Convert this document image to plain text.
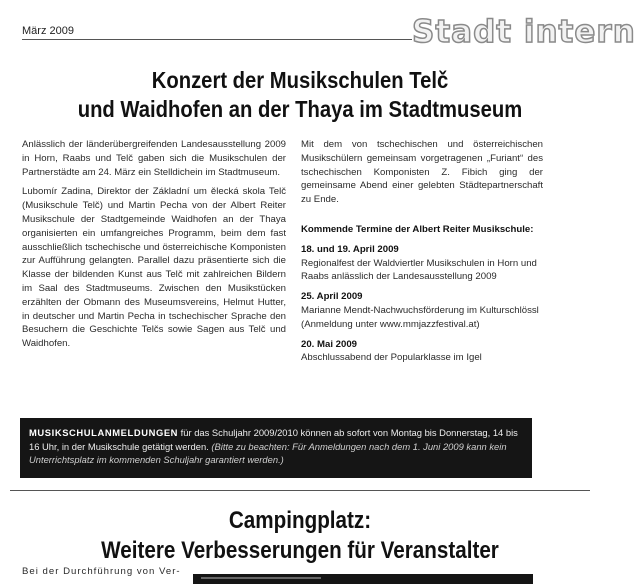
März 2009	Stadt intern
Konzert der Musikschulen Telč
und Waidhofen an der Thaya im Stadtmuseum

Anlässlich der länderübergreifenden Landesausstellung 2009 in Horn, Raabs und Telč gaben sich die Musikschulen der Partnerstädte am 24. März ein Stelldichein im Stadtmuseum.

Lubomír Zadina, Direktor der Základní um ělecká skola Telč (Musikschule Telč) und Martin Pecha von der Albert Reiter Musikschule der Stadtgemeinde Waidhofen an der Thaya organisierten ein umfangreiches Programm, beim dem fast ausschließlich tschechische und österreichische Komponisten zur Aufführung gelangten. Parallel dazu präsentierte sich die Klasse der bildenden Kunst aus Telč mit zahlreichen Bildern im Saal des Stadtmuseums. Zwischen den Musikstücken erzählten der Obmann des Museumsvereins, Helmut Hutter, in deutscher und Martin Pecha in tschechischer Sprache den Besuchern die Geschichte Telčs sowie Sagen aus Telč und Waidhofen.

Mit dem von tschechischen und österreichischen Musikschülern gemeinsam vorgetragenen „Furiant“ des tschechischen Komponisten Z. Fibich ging der gemeinsame Abend einer gelebten Städtepartnerschaft zu Ende.

Kommende Termine der Albert Reiter Musikschule:
18. und 19. April 2009
Regionalfest der Waldviertler Musikschulen in Horn und Raabs anlässlich der Landesausstellung 2009
25. April 2009
Marianne Mendt-Nachwuchsförderung im Kulturschlössl (Anmeldung unter www.mmjazzfestival.at)
20. Mai 2009
Abschlussabend der Popularklasse im Igel

MUSIKSCHULANMELDUNGEN für das Schuljahr 2009/2010 können ab sofort von Montag bis Donnerstag, 14 bis 16 Uhr, in der Musikschule getätigt werden. (Bitte zu beachten: Für Anmeldungen nach dem 1. Juni 2009 kann kein Unterrichtsplatz im kommenden Schuljahr garantiert werden.)

Campingplatz:
Weitere Verbesserungen für Veranstalter
Bei der Durchführung von Ver-
